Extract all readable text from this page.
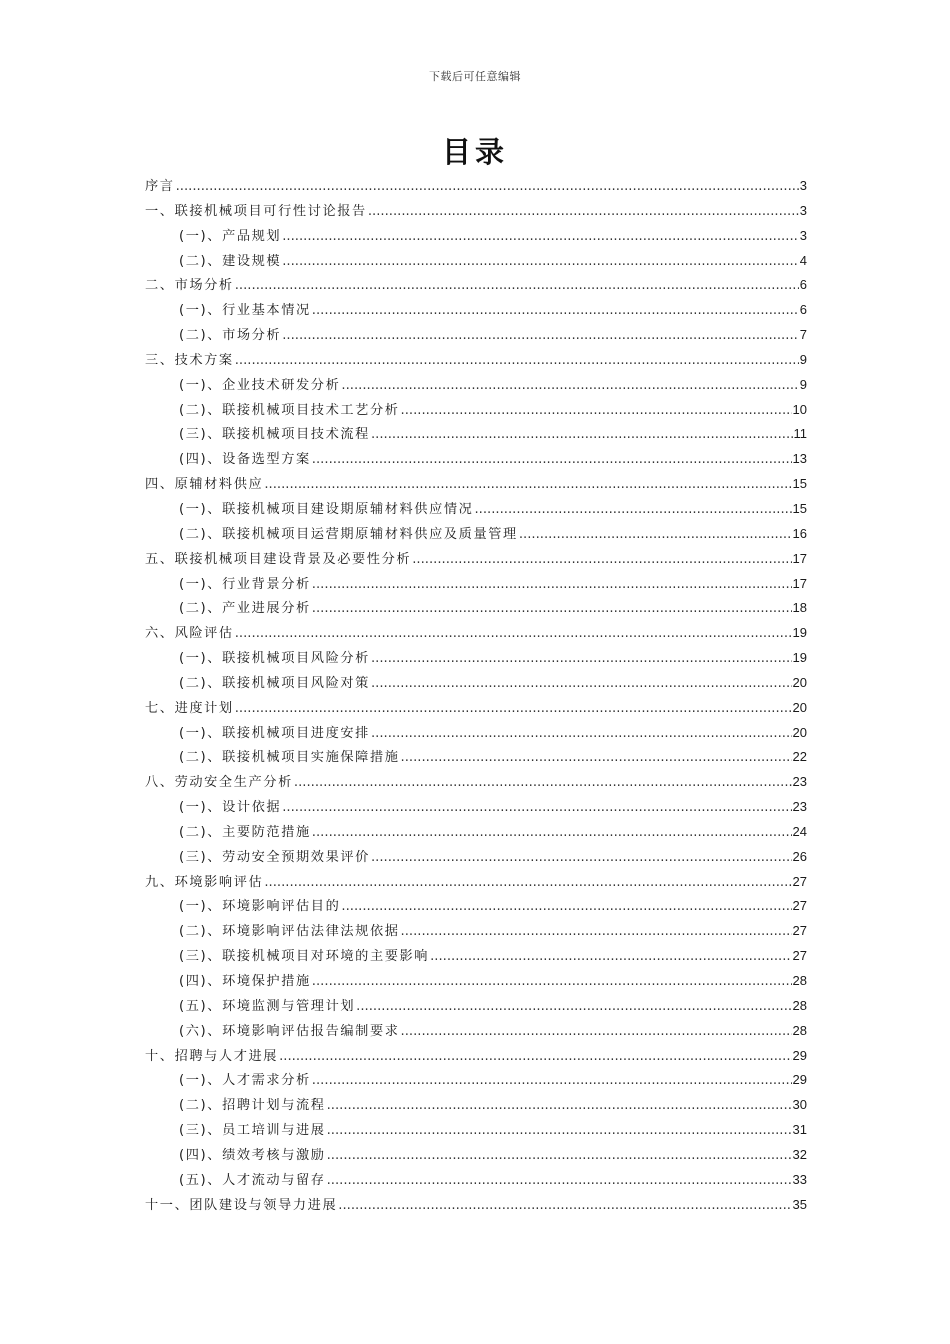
下载后可任意编辑
目录
序言 .....	3
一、联接机械项目可行性讨论报告 .....	3
(一)、产品规划 .....	3
(二)、建设规模 .....	4
二、市场分析 .....	6
(一)、行业基本情况 .....	6
(二)、市场分析 .....	7
三、技术方案 .....	9
(一)、企业技术研发分析 .....	9
(二)、联接机械项目技术工艺分析 .....	10
(三)、联接机械项目技术流程 .....	11
(四)、设备选型方案 .....	13
四、原辅材料供应 .....	15
(一)、联接机械项目建设期原辅材料供应情况 .....	15
(二)、联接机械项目运营期原辅材料供应及质量管理 .....	16
五、联接机械项目建设背景及必要性分析 .....	17
(一)、行业背景分析 .....	17
(二)、产业进展分析 .....	18
六、风险评估 .....	19
(一)、联接机械项目风险分析 .....	19
(二)、联接机械项目风险对策 .....	20
七、进度计划 .....	20
(一)、联接机械项目进度安排 .....	20
(二)、联接机械项目实施保障措施 .....	22
八、劳动安全生产分析 .....	23
(一)、设计依据 .....	23
(二)、主要防范措施 .....	24
(三)、劳动安全预期效果评价 .....	26
九、环境影响评估 .....	27
(一)、环境影响评估目的 .....	27
(二)、环境影响评估法律法规依据 .....	27
(三)、联接机械项目对环境的主要影响 .....	27
(四)、环境保护措施 .....	28
(五)、环境监测与管理计划 .....	28
(六)、环境影响评估报告编制要求 .....	28
十、招聘与人才进展 .....	29
(一)、人才需求分析 .....	29
(二)、招聘计划与流程 .....	30
(三)、员工培训与进展 .....	31
(四)、绩效考核与激励 .....	32
(五)、人才流动与留存 .....	33
十一、团队建设与领导力进展 .....	35
